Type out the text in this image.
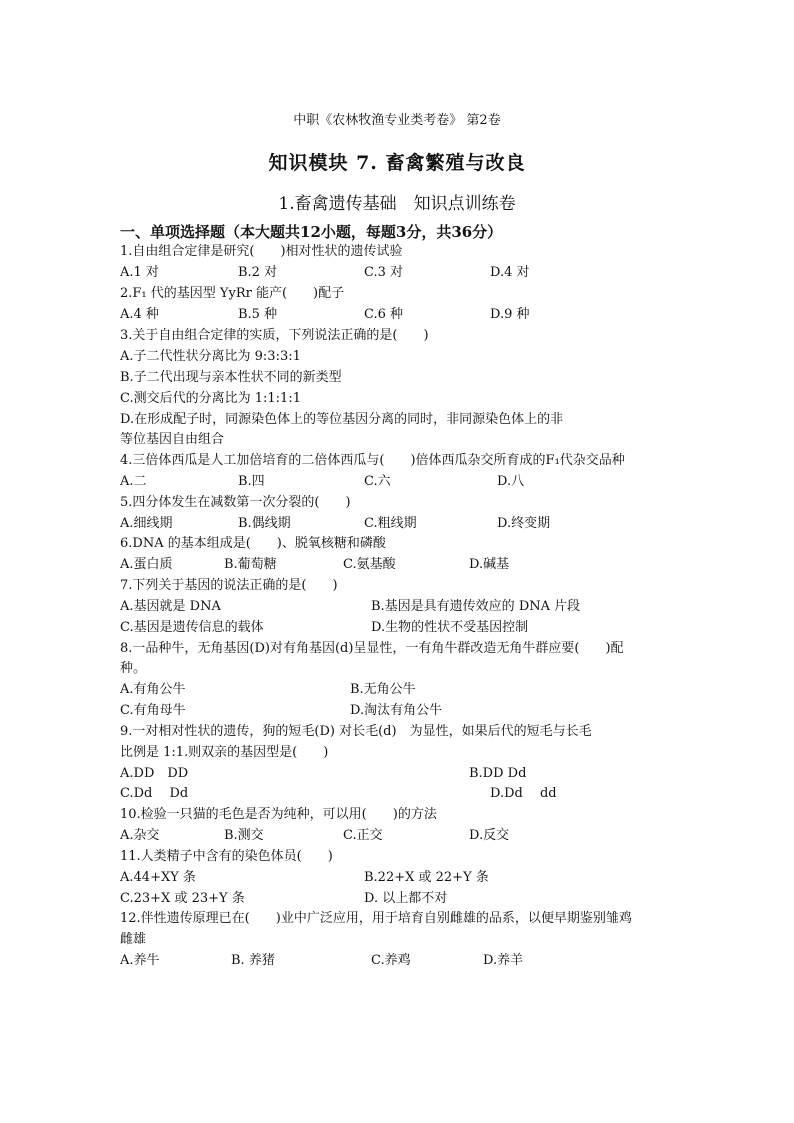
中职《农林牧渔专业类考卷》 第2卷
知识模块 7. 畜禽繁殖与改良
1.畜禽遗传基础　知识点训练卷
一、单项选择题（本大题共12小题，每题3分，共36分）
1.自由组合定律是研究(　　)相对性状的遗传试验
A.1 对	B.2 对	C.3 对	D.4 对
2.F₁ 代的基因型 YyRr 能产(　　)配子
A.4 种	B.5 种	C.6 种	D.9 种
3.关于自由组合定律的实质，下列说法正确的是(　　)
A.子二代性状分离比为 9:3:3:1
B.子二代出现与亲本性状不同的新类型
C.测交后代的分离比为 1:1:1:1
D.在形成配子时，同源染色体上的等位基因分离的同时，非同源染色体上的非
等位基因自由组合
4.三倍体西瓜是人工加倍培育的二倍体西瓜与(　　)倍体西瓜杂交所育成的F₁代杂交品种
A.二	B.四	C.六	D.八
5.四分体发生在减数第一次分裂的(　　)
A.细线期	B.偶线期	C.粗线期	D.终变期
6.DNA 的基本组成是(　　)、脱氧核糖和磷酸
A.蛋白质	B.葡萄糖	C.氨基酸	D.碱基
7.下列关于基因的说法正确的是(　　)
A.基因就是 DNA	B.基因是具有遗传效应的 DNA 片段
C.基因是遗传信息的载体	D.生物的性状不受基因控制
8.一品种牛，无角基因(D)对有角基因(d)呈显性，一有角牛群改造无角牛群应要(　　)配
种。
A.有角公牛	B.无角公牛
C.有角母牛	D.淘汰有角公牛
9.一对相对性状的遗传，狗的短毛(D) 对长毛(d)　为显性，如果后代的短毛与长毛
比例是 1:1.则双亲的基因型是(　　)
A.DD　DD	B.DD Dd
C.Dd　 Dd	D.Dd　 dd
10.检验一只猫的毛色是否为纯种，可以用(　　)的方法
A.杂交	B.测交	C.正交	D.反交
11.人类精子中含有的染色体员(　　)
A.44+XY 条	B.22+X 或 22+Y 条
C.23+X 或 23+Y 条	D. 以上都不对
12.伴性遗传原理已在(　　)业中广泛应用，用于培育自别雌雄的品系，以便早期鉴别雏鸡
雌雄
A.养牛	B. 养猪	C.养鸡	D.养羊
